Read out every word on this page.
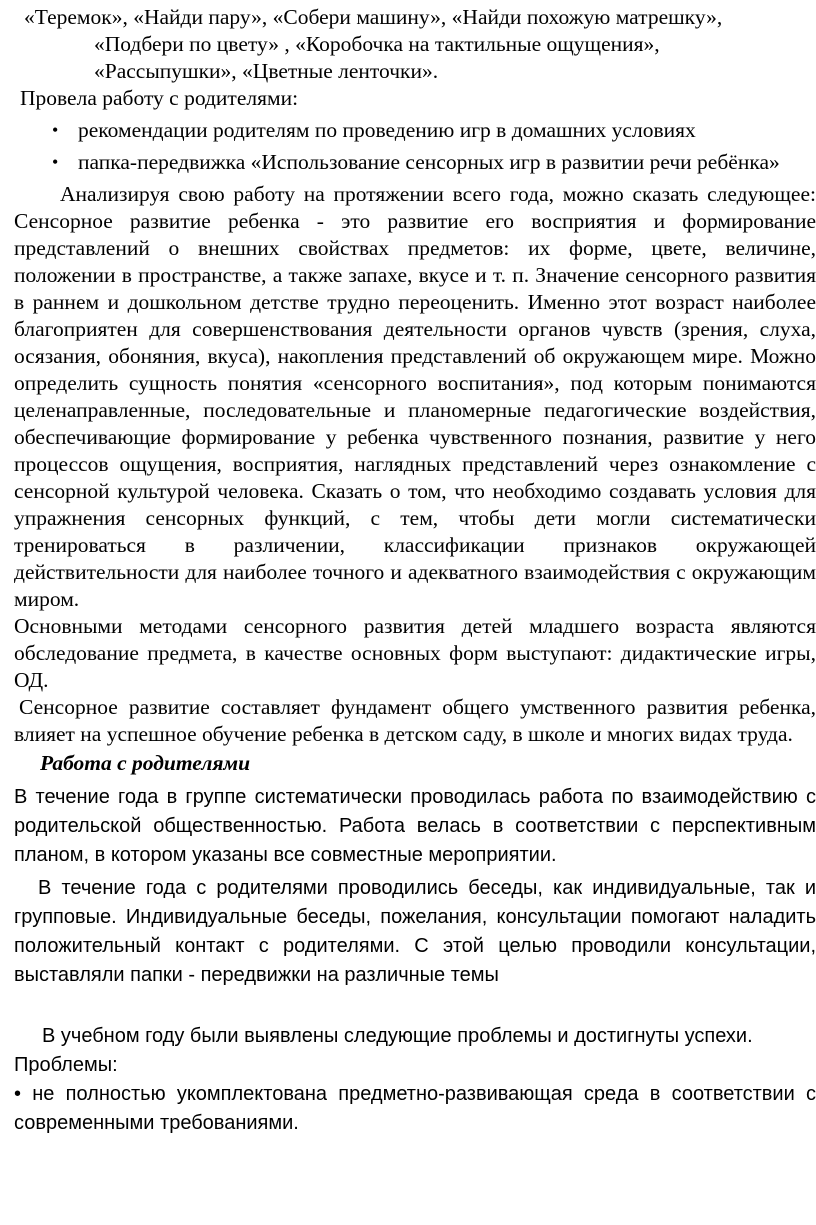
«Теремок», «Найди пару», «Собери машину», «Найди похожую матрешку»,

«Подбери по цвету» , «Коробочка на тактильные ощущения»,

«Рассыпушки», «Цветные ленточки».

Провела работу с родителями:

• рекомендации родителям по проведению игр в домашних условиях
• папка-передвижка «Использование сенсорных игр в развитии речи ребёнка»

Анализируя свою работу на протяжении всего года, можно сказать следующее: Сенсорное развитие ребенка - это развитие его восприятия и формирование представлений о внешних свойствах предметов: их форме, цвете, величине, положении в пространстве, а также запахе, вкусе и т. п. Значение сенсорного развития в раннем и дошкольном детстве трудно переоценить. Именно этот возраст наиболее благоприятен для совершенствования деятельности органов чувств (зрения, слуха, осязания, обоняния, вкуса), накопления представлений об окружающем мире. Можно определить сущность понятия «сенсорного воспитания», под которым понимаются целенаправленные, последовательные и планомерные педагогические воздействия, обеспечивающие формирование у ребенка чувственного познания, развитие у него процессов ощущения, восприятия, наглядных представлений через ознакомление с сенсорной культурой человека. Сказать о том, что необходимо создавать условия для упражнения сенсорных функций, с тем, чтобы дети могли систематически тренироваться в различении, классификации признаков окружающей действительности для наиболее точного и адекватного взаимодействия с окружающим миром.

Основными методами сенсорного развития детей младшего возраста являются обследование предмета, в качестве основных форм выступают: дидактические игры, ОД.

Сенсорное развитие составляет фундамент общего умственного развития ребенка, влияет на успешное обучение ребенка в детском саду, в школе и многих видах труда.

Работа с родителями

В течение года в группе систематически проводилась работа по взаимодействию с родительской общественностью. Работа велась в соответствии с перспективным планом, в котором указаны все совместные мероприятии.

В течение года с родителями проводились беседы, как индивидуальные, так и групповые. Индивидуальные беседы, пожелания, консультации помогают наладить положительный контакт с родителями. С этой целью проводили консультации, выставляли папки - передвижки на различные темы

В учебном году были выявлены следующие проблемы и достигнуты успехи.

Проблемы:

• не полностью укомплектована предметно-развивающая среда в соответствии с современными требованиями.
